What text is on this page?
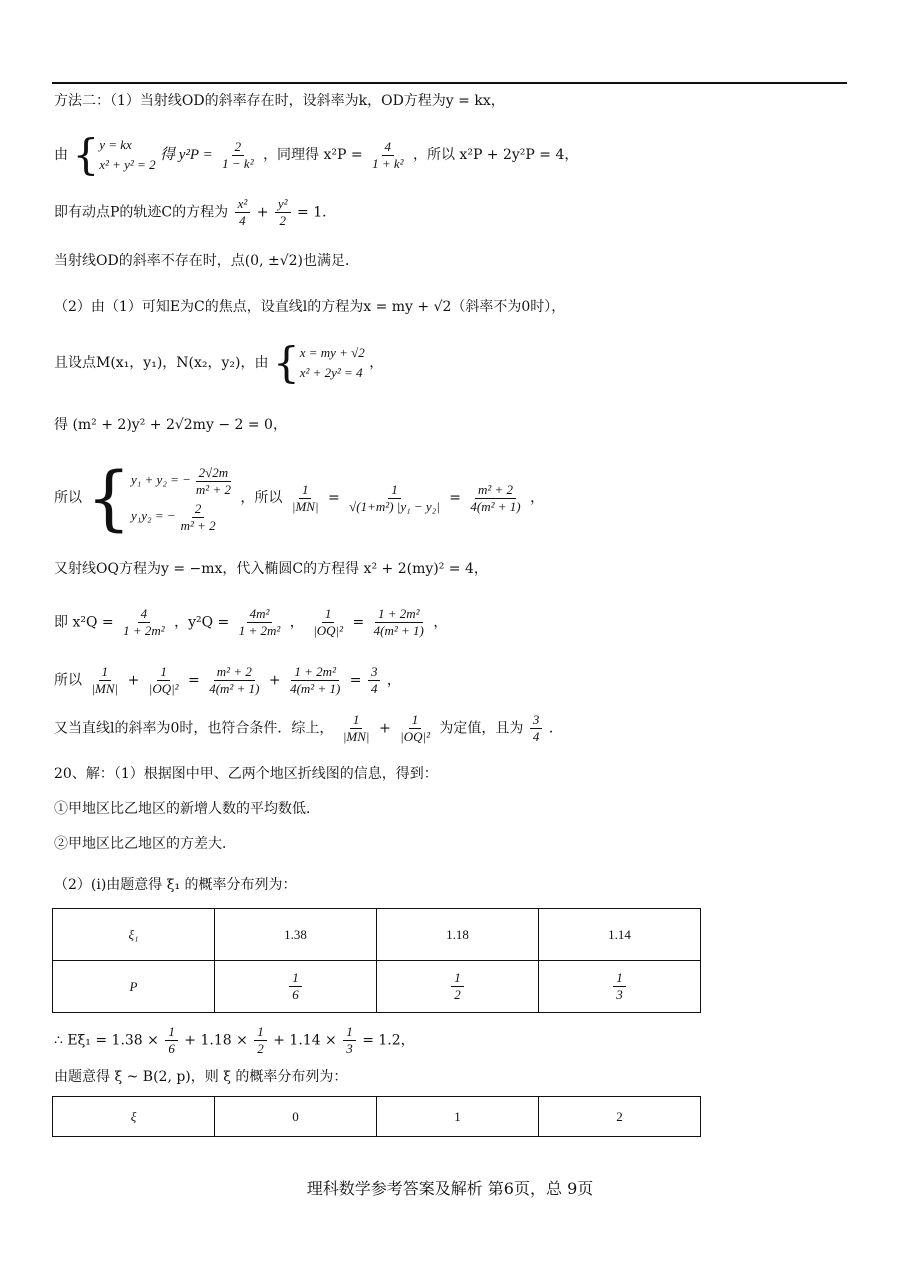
方法二：（1）当射线OD的斜率存在时，设斜率为k，OD方程为y = kx，
由 { y = kx
x² + y² = 2
得 $y^2P = \frac{2}{\text{1 − k²}}$ ，同理得 $x^2P = \frac{4}{\text{1 + k²}}$ ，所以 x²P + 2y²P = 4，
即有动点P的轨迹C的方程为 $\frac{\text{x²}}{4} + \frac{\text{y²}}{2} = 1$．
当射线OD的斜率不存在时，点(0, ±√2)也满足．
（2）由（1）可知E为C的焦点，设直线l的方程为x = my + √2（斜率不为0时），
且设点M(x₁，y₁)，N(x₂，y₂)，由 { x = my + √2
x² + 2y² = 4
，
得 (m² + 2)y² + 2√2my − 2 = 0，
所以 { y₁ + y₂ = − $\frac{2√2m}{\text{m² + 2}}$
y₁y₂ = − $\frac{2}{\text{m² + 2}}$
，所以 $\frac{1}{|MN|} = \frac{1}{\text{√(1+m²) |y₁ − y₂|}} = \frac{\text{m² + 2}}{\text{4(m² + 1)}}$ ，
又射线OQ方程为y = −mx，代入椭圆C的方程得 x² + 2(my)² = 4，
即 $x^2Q = \frac{4}{\text{1 + 2m²}}$ ，$y^2Q = \frac{\text{4m²}}{\text{1 + 2m²}}$ ， $\frac{1}{\text{|OQ|²}} = \frac{\text{1 + 2m²}}{\text{4(m² + 1)}}$ ，
所以 $\frac{1}{|MN|} + \frac{1}{\text{|OQ|²}} = \frac{\text{m² + 2}}{\text{4(m² + 1)}} + \frac{\text{1 + 2m²}}{\text{4(m² + 1)}} = \frac{3}{4}$ ，
又当直线l的斜率为0时，也符合条件．综上， $\frac{1}{|MN|} + \frac{1}{\text{|OQ|²}}$ 为定值，且为 $\frac{3}{4}$ ．
20、解：（1）根据图中甲、乙两个地区折线图的信息，得到：
①甲地区比乙地区的新增人数的平均数低．
②甲地区比乙地区的方差大．
（2）(i)由题意得 ξ₁ 的概率分布列为：
ξ₁	1.38	1.18	1.14
P	$\frac{1}{6}$	$\frac{1}{2}$	$\frac{1}{3}$
∴ $E\xi_1 = 1.38 \times \frac{1}{6} + 1.18 \times \frac{1}{2} + 1.14 \times \frac{1}{3} = 1.2$，
由题意得 ξ ~ B(2, p)，则 ξ 的概率分布列为：
ξ	0	1	2
理科数学参考答案及解析 第6页，总 9页
